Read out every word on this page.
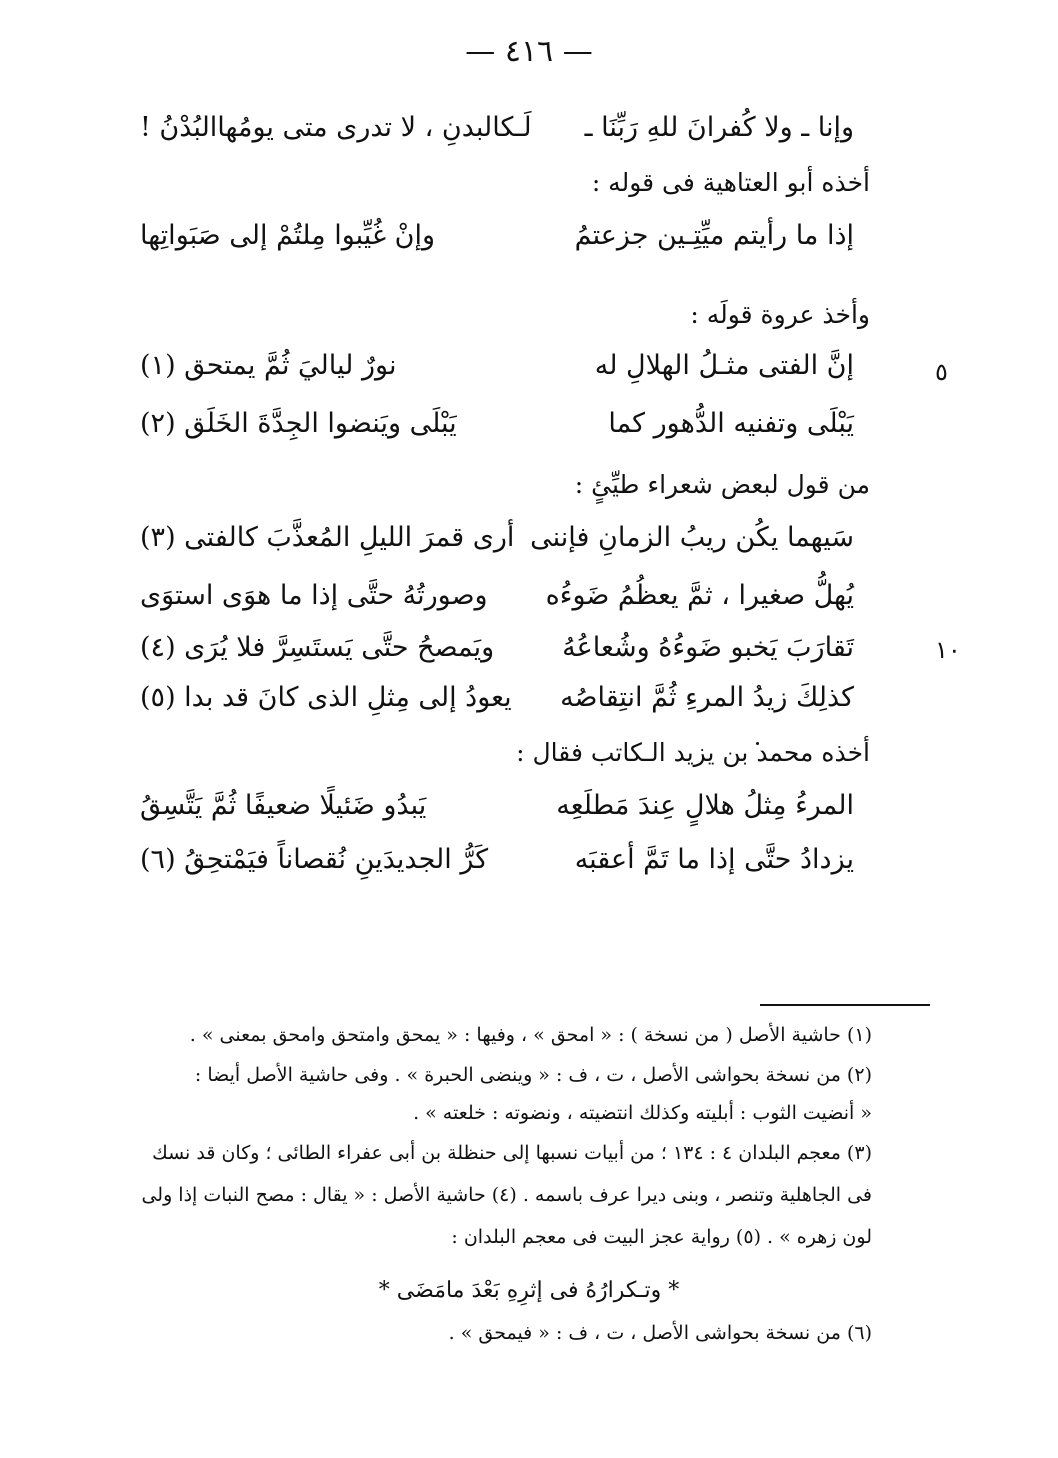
— ٤١٦ —
وإنا ـ ولا كُفرانَ للهِ رَبِّنَا ـ
لَـكالبدنِ ، لا تدرى متى يومُهاالبُدْنُ !
أخذه أبو العتاهية فى قوله :
إذا ما رأيتم ميِّتِـين جزعتمُ
وإنْ غُيِّبوا مِلتُمْ إلى صَبَواتِها
وأخذ عروة قولَه :
٥
إنَّ الفتى مثـلُ الهلالِ له
نورٌ لياليَ ثُمَّ يمتحق (١)
يَبْلَى وتفنيه الدُّهور كما
يَبْلَى ويَنضوا الجِدَّةَ الخَلَق (٢)
من قول لبعض شعراء طيِّئٍ :
سَيهما يكُن ريبُ الزمانِ فإننى
أرى قمرَ الليلِ المُعذَّبَ كالفتى (٣)
يُهلُّ صغيرا ، ثمَّ يعظُمُ ضَوءُه
وصورتُهُ حتَّى إذا ما هوَى استوَى
١٠
تَقارَبَ يَخبو ضَوءُهُ وشُعاعُهُ
ويَمصحُ حتَّى يَستَسِرَّ فلا يُرَى (٤)
كذلِكَ زيدُ المرءِ ثُمَّ انتِقاصُه
يعودُ إلى مِثلِ الذى كانَ قد بدا (٥)
أخذه محمد بن يزيد الـكاتب فقال :
المرءُ مِثلُ هلالٍ عِندَ مَطلَعِه
يَبدُو ضَئيلًا ضعيفًا ثُمَّ يَتَّسِقُ
يزدادُ حتَّى إذا ما تَمَّ أعقبَه
كَرُّ الجديدَينِ نُقصاناً فيَمْتحِقُ (٦)
(١) حاشية الأصل ( من نسخة ) : « امحق » ، وفيها : « يمحق وامتحق وامحق بمعنى » .
(٢) من نسخة بحواشى الأصل ، ت ، ف : « وينضى الحبرة » . وفى حاشية الأصل أيضا :
« أنضيت الثوب : أبليته وكذلك انتضيته ، ونضوته : خلعته » .
(٣) معجم البلدان ٤ : ١٣٤ ؛ من أبيات نسبها إلى حنظلة بن أبى عفراء الطائى ؛ وكان قد نسك
فى الجاهلية وتنصر ، وبنى ديرا عرف باسمه . (٤) حاشية الأصل : « يقال : مصح النبات إذا ولى
لون زهره » . (٥) رواية عجز البيت فى معجم البلدان :
* وتـكرارُهُ فى إثرِهِ بَعْدَ مامَضَى *
(٦) من نسخة بحواشى الأصل ، ت ، ف : « فيمحق » .
